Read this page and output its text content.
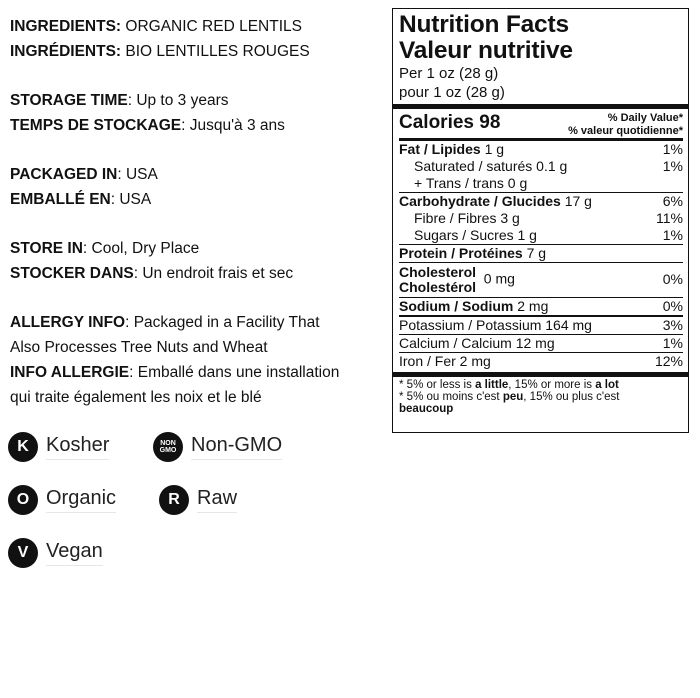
INGREDIENTS: ORGANIC RED LENTILS
INGRÉDIENTS: BIO LENTILLES ROUGES
STORAGE TIME: Up to 3 years
TEMPS DE STOCKAGE: Jusqu'à 3 ans
PACKAGED IN: USA
EMBALLÉ EN: USA
STORE IN: Cool, Dry Place
STOCKER DANS: Un endroit frais et sec
ALLERGY INFO: Packaged in a Facility That
Also Processes Tree Nuts and Wheat
INFO ALLERGIE: Emballé dans une installation
qui traite également les noix et le blé
K Kosher	NON
GMO Non-GMO
O Organic	R Raw
V Vegan
Nutrition Facts
Valeur nutritive
Per 1 oz (28 g)
pour 1 oz (28 g)
Calories 98	% Daily Value*
% valeur quotidienne*
Fat / Lipides 1 g	1%
Saturated / saturés 0.1 g	1%
+ Trans / trans 0 g
Carbohydrate / Glucides 17 g	6%
Fibre / Fibres 3 g	11%
Sugars / Sucres 1 g	1%
Protein / Protéines 7 g
Cholesterol
Cholestérol  0 mg	0%
Sodium / Sodium 2 mg	0%
Potassium / Potassium 164 mg	3%
Calcium / Calcium 12 mg	1%
Iron / Fer 2 mg	12%
* 5% or less is a little, 15% or more is a lot
* 5% ou moins c'est peu, 15% ou plus c'est
beaucoup
